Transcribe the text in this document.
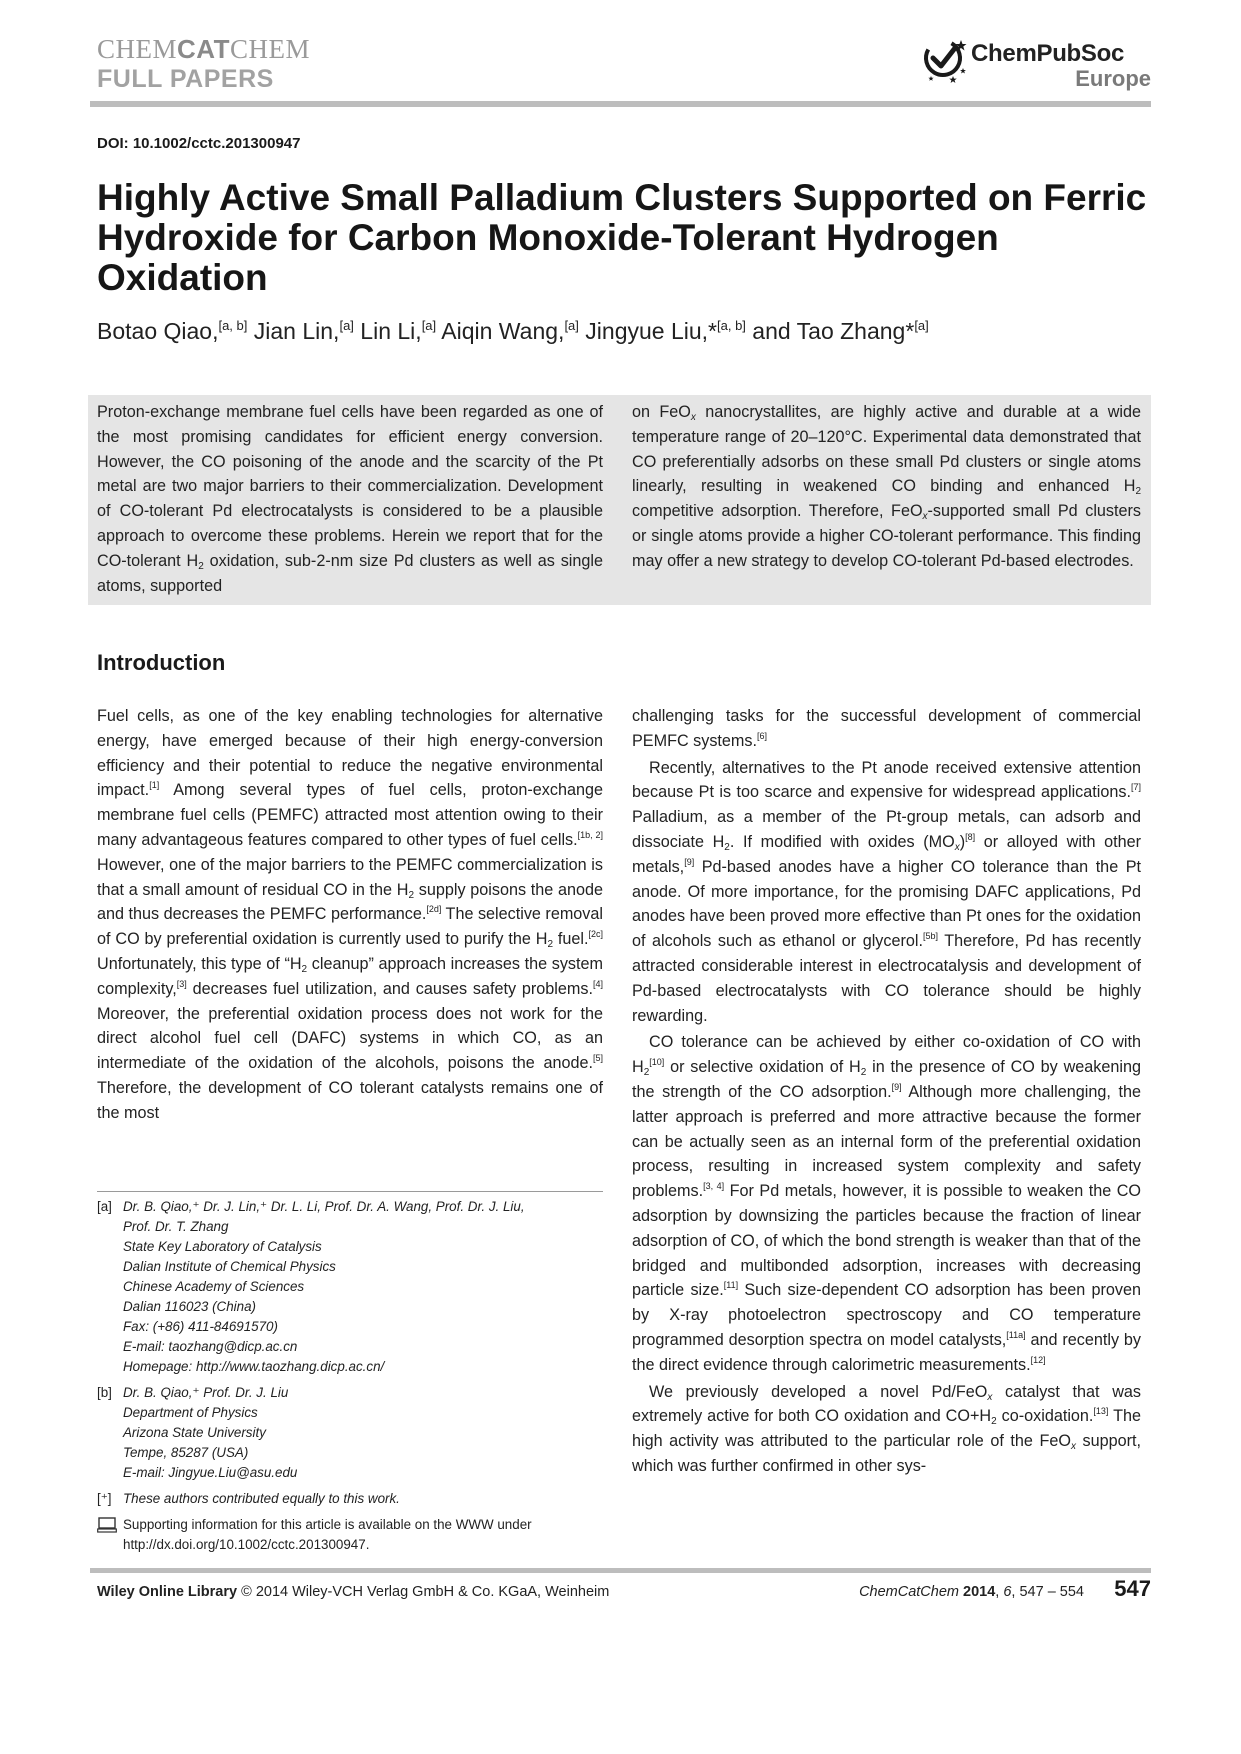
CHEMCATCHEM
FULL PAPERS
ChemPubSoc
Europe
DOI: 10.1002/cctc.201300947
Highly Active Small Palladium Clusters Supported on Ferric Hydroxide for Carbon Monoxide-Tolerant Hydrogen Oxidation
Botao Qiao,[a, b] Jian Lin,[a] Lin Li,[a] Aiqin Wang,[a] Jingyue Liu,*[a, b] and Tao Zhang*[a]

Proton-exchange membrane fuel cells have been regarded as one of the most promising candidates for efficient energy conversion. However, the CO poisoning of the anode and the scarcity of the Pt metal are two major barriers to their commercialization. Development of CO-tolerant Pd electrocatalysts is considered to be a plausible approach to overcome these problems. Herein we report that for the CO-tolerant $H_2$ oxidation, sub-2-nm size Pd clusters as well as single atoms, supported

on FeO$_x$ nanocrystallites, are highly active and durable at a wide temperature range of 20–120°C. Experimental data demonstrated that CO preferentially adsorbs on these small Pd clusters or single atoms linearly, resulting in weakened CO binding and enhanced $H_2$ competitive adsorption. Therefore, FeO$_x$-supported small Pd clusters or single atoms provide a higher CO-tolerant performance. This finding may offer a new strategy to develop CO-tolerant Pd-based electrodes.

Introduction

Fuel cells, as one of the key enabling technologies for alternative energy, have emerged because of their high energy-conversion efficiency and their potential to reduce the negative environmental impact.[1] Among several types of fuel cells, proton-exchange membrane fuel cells (PEMFC) attracted most attention owing to their many advantageous features compared to other types of fuel cells.[1b, 2] However, one of the major barriers to the PEMFC commercialization is that a small amount of residual CO in the $H_2$ supply poisons the anode and thus decreases the PEMFC performance.[2d] The selective removal of CO by preferential oxidation is currently used to purify the $H_2$ fuel.[2c] Unfortunately, this type of “$H_2$ cleanup” approach increases the system complexity,[3] decreases fuel utilization, and causes safety problems.[4] Moreover, the preferential oxidation process does not work for the direct alcohol fuel cell (DAFC) systems in which CO, as an intermediate of the oxidation of the alcohols, poisons the anode.[5] Therefore, the development of CO tolerant catalysts remains one of the most

challenging tasks for the successful development of commercial PEMFC systems.[6]

Recently, alternatives to the Pt anode received extensive attention because Pt is too scarce and expensive for widespread applications.[7] Palladium, as a member of the Pt-group metals, can adsorb and dissociate $H_2$. If modified with oxides $(MO_x)[8]$ or alloyed with other metals,[9] Pd-based anodes have a higher CO tolerance than the Pt anode. Of more importance, for the promising DAFC applications, Pd anodes have been proved more effective than Pt ones for the oxidation of alcohols such as ethanol or glycerol.[5b] Therefore, Pd has recently attracted considerable interest in electrocatalysis and development of Pd-based electrocatalysts with CO tolerance should be highly rewarding.

CO tolerance can be achieved by either co-oxidation of CO with $H_2[10]$ or selective oxidation of $H_2$ in the presence of CO by weakening the strength of the CO adsorption.[9] Although more challenging, the latter approach is preferred and more attractive because the former can be actually seen as an internal form of the preferential oxidation process, resulting in increased system complexity and safety problems.[3, 4] For Pd metals, however, it is possible to weaken the CO adsorption by downsizing the particles because the fraction of linear adsorption of CO, of which the bond strength is weaker than that of the bridged and multibonded adsorption, increases with decreasing particle size.[11] Such size-dependent CO adsorption has been proven by X-ray photoelectron spectroscopy and CO temperature programmed desorption spectra on model catalysts,[11a] and recently by the direct evidence through calorimetric measurements.[12]

We previously developed a novel Pd/FeO$_x$ catalyst that was extremely active for both CO oxidation and $CO+H_2$ co-oxidation.[13] The high activity was attributed to the particular role of the FeO$_x$ support, which was further confirmed in other sys-

[a] Dr. B. Qiao,⁺ Dr. J. Lin,⁺ Dr. L. Li, Prof. Dr. A. Wang, Prof. Dr. J. Liu,
Prof. Dr. T. Zhang
State Key Laboratory of Catalysis
Dalian Institute of Chemical Physics
Chinese Academy of Sciences
Dalian 116023 (China)
Fax: (+86) 411-84691570)
E-mail: taozhang@dicp.ac.cn
Homepage: http://www.taozhang.dicp.ac.cn/
[b] Dr. B. Qiao,⁺ Prof. Dr. J. Liu
Department of Physics
Arizona State University
Tempe, 85287 (USA)
E-mail: Jingyue.Liu@asu.edu
[⁺] These authors contributed equally to this work.
Supporting information for this article is available on the WWW under
http://dx.doi.org/10.1002/cctc.201300947.
Wiley Online Library © 2014 Wiley-VCH Verlag GmbH & Co. KGaA, Weinheim	ChemCatChem 2014, 6, 547 – 554	547
